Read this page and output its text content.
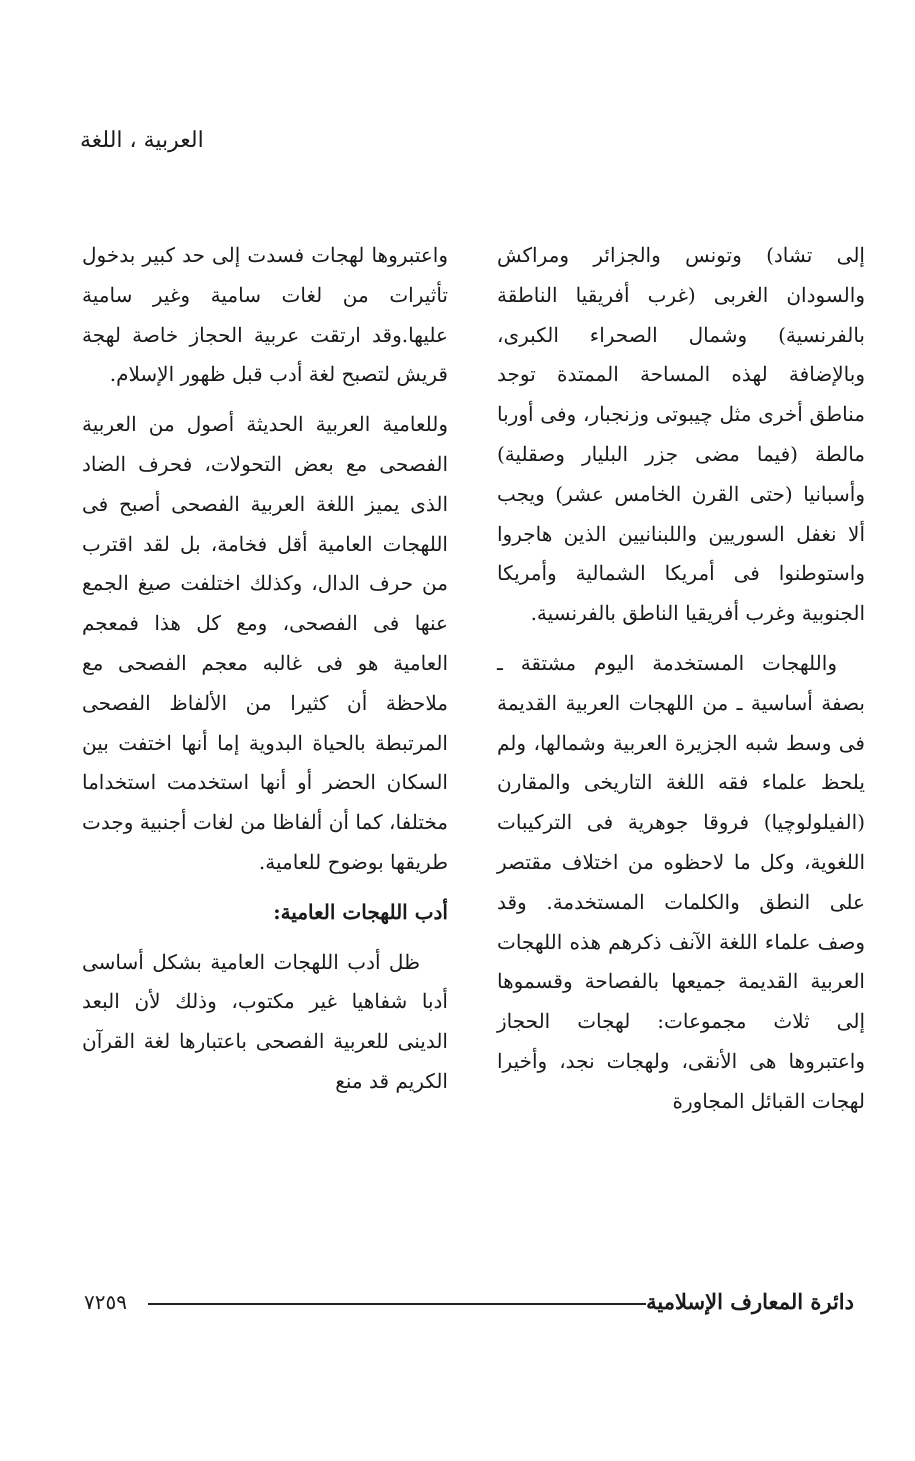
العربية ، اللغة

إلى تشاد) وتونس والجزائر ومراكش والسودان الغربى (غرب أفريقيا الناطقة بالفرنسية) وشمال الصحراء الكبرى، وبالإضافة لهذه المساحة الممتدة توجد مناطق أخرى مثل چيبوتى وزنجبار، وفى أوربا مالطة (فيما مضى جزر البليار وصقلية) وأسبانيا (حتى القرن الخامس عشر) ويجب ألا نغفل السوريين واللبنانيين الذين هاجروا واستوطنوا فى أمريكا الشمالية وأمريكا الجنوبية وغرب أفريقيا الناطق بالفرنسية.

واللهجات المستخدمة اليوم مشتقة ـ بصفة أساسية ـ من اللهجات العربية القديمة فى وسط شبه الجزيرة العربية وشمالها، ولم يلحظ علماء فقه اللغة التاريخى والمقارن (الفيلولوچيا) فروقا جوهرية فى التركيبات اللغوية، وكل ما لاحظوه من اختلاف مقتصر على النطق والكلمات المستخدمة. وقد وصف علماء اللغة الآنف ذكرهم هذه اللهجات العربية القديمة جميعها بالفصاحة وقسموها إلى ثلاث مجموعات: لهجات الحجاز واعتبروها هى الأنقى، ولهجات نجد، وأخيرا لهجات القبائل المجاورة

واعتبروها لهجات فسدت إلى حد كبير بدخول تأثيرات من لغات سامية وغير سامية عليها.وقد ارتقت عربية الحجاز خاصة لهجة قريش لتصبح لغة أدب قبل ظهور الإسلام.

وللعامية العربية الحديثة أصول من العربية الفصحى مع بعض التحولات، فحرف الضاد الذى يميز اللغة العربية الفصحى أصبح فى اللهجات العامية أقل فخامة، بل لقد اقترب من حرف الدال، وكذلك اختلفت صيغ الجمع عنها فى الفصحى، ومع كل هذا فمعجم العامية هو فى غالبه معجم الفصحى مع ملاحظة أن كثيرا من الألفاظ الفصحى المرتبطة بالحياة البدوية إما أنها اختفت بين السكان الحضر أو أنها استخدمت استخداما مختلفا، كما أن ألفاظا من لغات أجنبية وجدت طريقها بوضوح للعامية.

أدب اللهجات العامية:

ظل أدب اللهجات العامية بشكل أساسى أدبا شفاهيا غير مكتوب، وذلك لأن البعد الدينى للعربية الفصحى باعتبارها لغة القرآن الكريم قد منع

دائرة المعارف الإسلامية
٧٢٥٩
